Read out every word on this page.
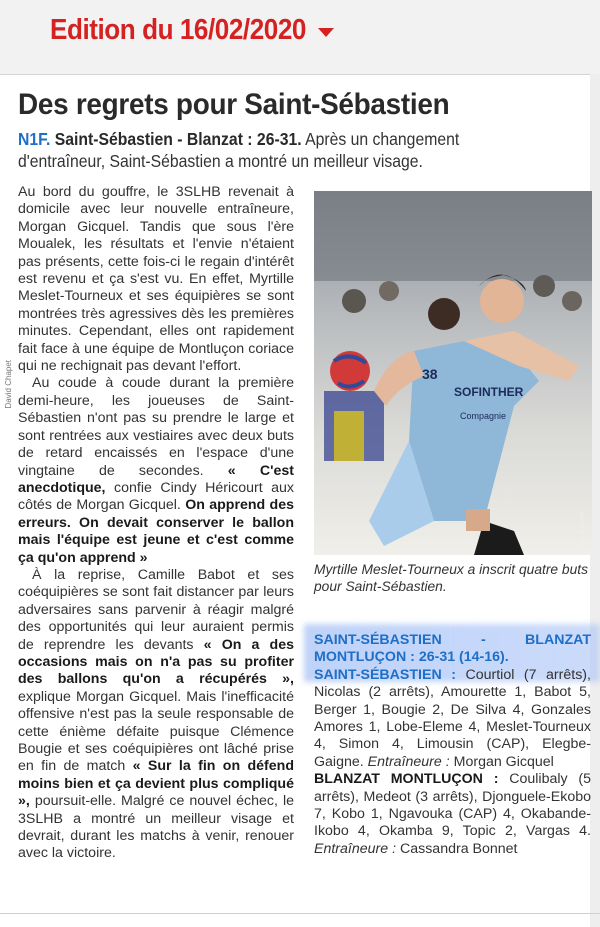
Edition du 16/02/2020
Des regrets pour Saint-Sébastien
N1F. Saint-Sébastien - Blanzat : 26-31. Après un changement d'entraîneur, Saint-Sébastien a montré un meilleur visage.
David Chapet

Au bord du gouffre, le 3SLHB revenait à domicile avec leur nouvelle entraîneure, Morgan Gicquel. Tandis que sous l'ère Moualek, les résultats et l'envie n'étaient pas présents, cette fois-ci le regain d'intérêt est revenu et ça s'est vu. En effet, Myrtille Meslet-Tourneux et ses équipières se sont montrées très agressives dès les premières minutes. Cependant, elles ont rapidement fait face à une équipe de Montluçon coriace qui ne rechignait pas devant l'effort.

Au coude à coude durant la première demi-heure, les joueuses de Saint-Sébastien n'ont pas su prendre le large et sont rentrées aux vestiaires avec deux buts de retard encaissés en l'espace d'une vingtaine de secondes. « C'est anecdotique, confie Cindy Héricourt aux côtés de Morgan Gicquel. On apprend des erreurs. On devait conserver le ballon mais l'équipe est jeune et c'est comme ça qu'on apprend »

À la reprise, Camille Babot et ses coéquipières se sont fait distancer par leurs adversaires sans parvenir à réagir malgré des opportunités qui leur auraient permis de reprendre les devants « On a des occasions mais on n'a pas su profiter des ballons qu'on a récupérés », explique Morgan Gicquel. Mais l'inefficacité offensive n'est pas la seule responsable de cette énième défaite puisque Clémence Bougie et ses coéquipières ont lâché prise en fin de match « Sur la fin on défend moins bien et ça devient plus compliqué », poursuit-elle. Malgré ce nouvel échec, le 3SLHB a montré un meilleur visage et devrait, durant les matchs à venir, renouer avec la victoire.

38
SOFINTHER
Compagnie
David Chapet
Myrtille Meslet-Tourneux a inscrit quatre buts pour Saint-Sébastien.

SAINT-SÉBASTIEN - BLANZAT MONTLUÇON : 26-31 (14-16).

SAINT-SÉBASTIEN : Courtiol (7 arrêts), Nicolas (2 arrêts), Amourette 1, Babot 5, Berger 1, Bougie 2, De Silva 4, Gonzales Amores 1, Lobe-Eleme 4, Meslet-Tourneux 4, Simon 4, Limousin (CAP), Elegbe-Gaigne. Entraîneure : Morgan Gicquel

BLANZAT MONTLUÇON : Coulibaly (5 arrêts), Medeot (3 arrêts), Djonguele-Ekobo 7, Kobo 1, Ngavouka (CAP) 4, Okabande-Ikobo 4, Okamba 9, Topic 2, Vargas 4. Entraîneure : Cassandra Bonnet
